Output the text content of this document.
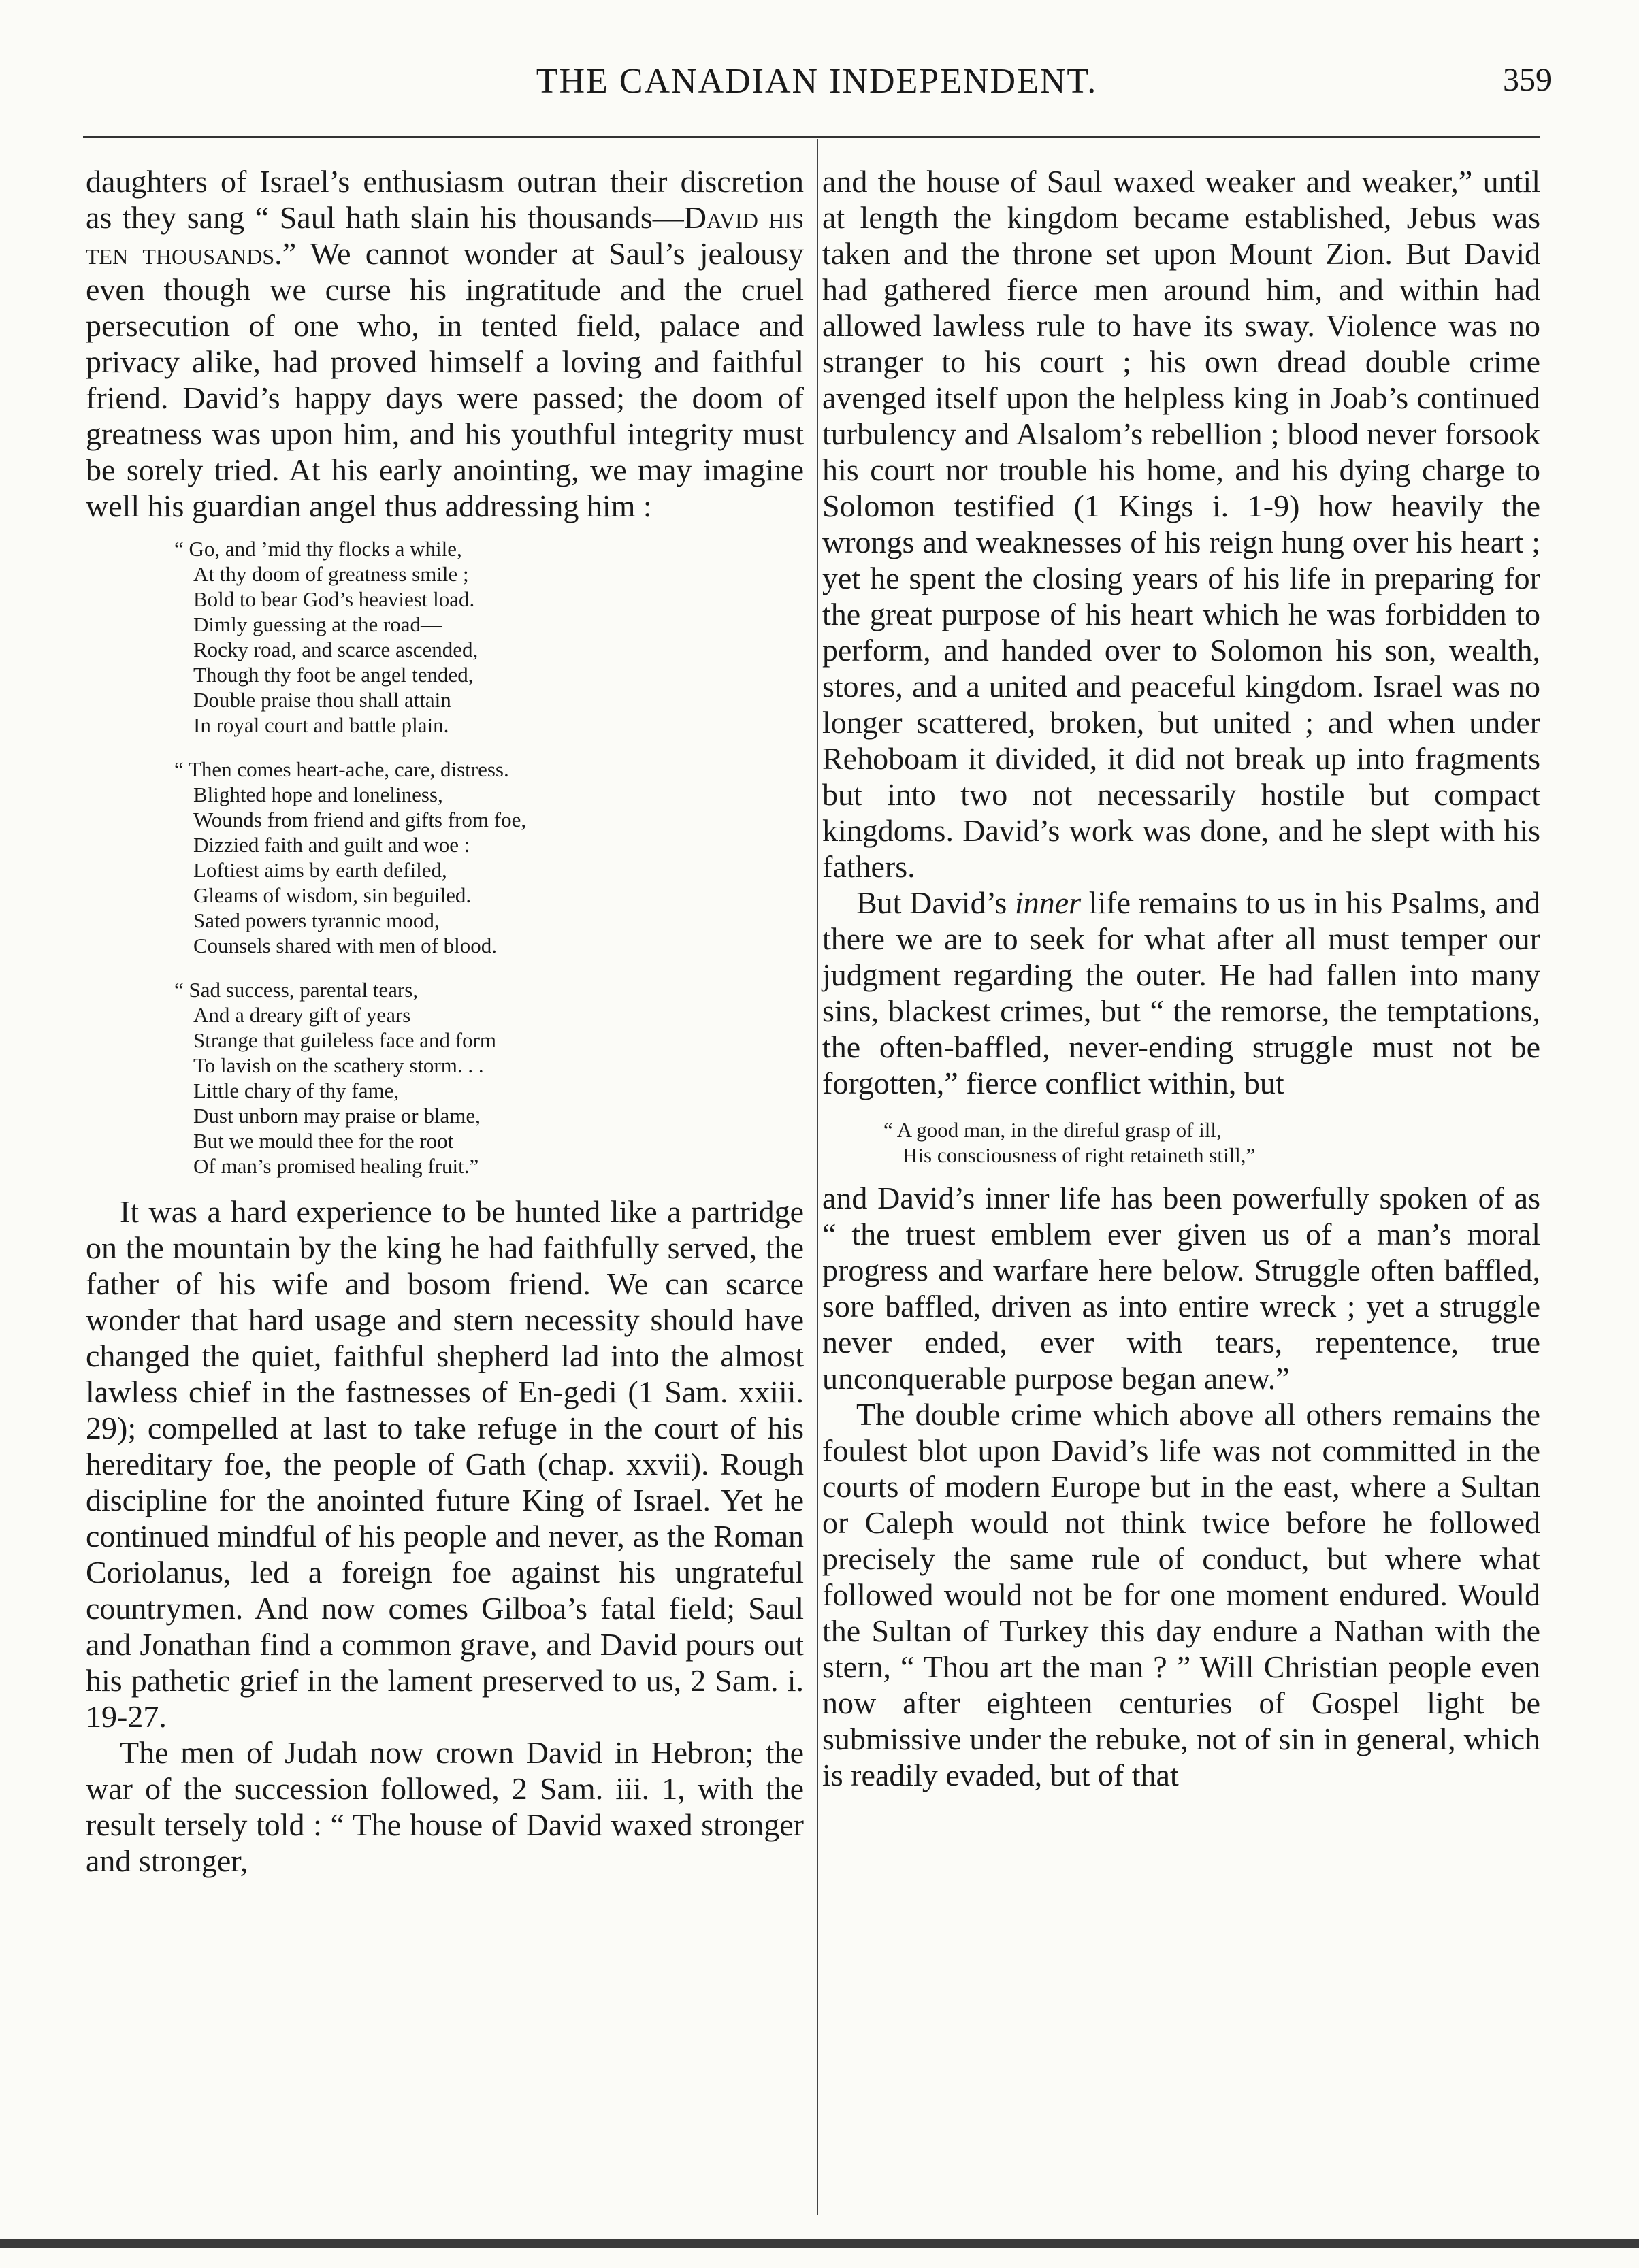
THE CANADIAN INDEPENDENT.	359

daughters of Israel’s enthusiasm outran their discretion as they sang “ Saul hath slain his thousands—David his ten thousands.” We cannot wonder at Saul’s jealousy even though we curse his ingratitude and the cruel persecution of one who, in tented field, palace and privacy alike, had proved himself a loving and faithful friend. David’s happy days were passed; the doom of greatness was upon him, and his youthful integrity must be sorely tried. At his early anointing, we may imagine well his guardian angel thus addressing him :

“ Go, and ’mid thy flocks a while,
At thy doom of greatness smile ;
Bold to bear God’s heaviest load.
Dimly guessing at the road—
Rocky road, and scarce ascended,
Though thy foot be angel tended,
Double praise thou shall attain
In royal court and battle plain.
“ Then comes heart-ache, care, distress.
Blighted hope and loneliness,
Wounds from friend and gifts from foe,
Dizzied faith and guilt and woe :
Loftiest aims by earth defiled,
Gleams of wisdom, sin beguiled.
Sated powers tyrannic mood,
Counsels shared with men of blood.
“ Sad success, parental tears,
And a dreary gift of years
Strange that guileless face and form
To lavish on the scathery storm. . .
Little chary of thy fame,
Dust unborn may praise or blame,
But we mould thee for the root
Of man’s promised healing fruit.”

It was a hard experience to be hunted like a partridge on the mountain by the king he had faithfully served, the father of his wife and bosom friend. We can scarce wonder that hard usage and stern necessity should have changed the quiet, faithful shepherd lad into the almost lawless chief in the fastnesses of En-gedi (1 Sam. xxiii. 29); compelled at last to take refuge in the court of his hereditary foe, the people of Gath (chap. xxvii). Rough discipline for the anointed future King of Israel. Yet he continued mindful of his people and never, as the Roman Coriolanus, led a foreign foe against his ungrateful countrymen. And now comes Gilboa’s fatal field; Saul and Jonathan find a common grave, and David pours out his pathetic grief in the lament preserved to us, 2 Sam. i. 19-27.

The men of Judah now crown David in Hebron; the war of the succession followed, 2 Sam. iii. 1, with the result tersely told : “ The house of David waxed stronger and stronger,

and the house of Saul waxed weaker and weaker,” until at length the kingdom became established, Jebus was taken and the throne set upon Mount Zion. But David had gathered fierce men around him, and within had allowed lawless rule to have its sway. Violence was no stranger to his court ; his own dread double crime avenged itself upon the helpless king in Joab’s continued turbulency and Alsalom’s rebellion ; blood never forsook his court nor trouble his home, and his dying charge to Solomon testified (1 Kings i. 1-9) how heavily the wrongs and weaknesses of his reign hung over his heart ; yet he spent the closing years of his life in preparing for the great purpose of his heart which he was forbidden to perform, and handed over to Solomon his son, wealth, stores, and a united and peaceful kingdom. Israel was no longer scattered, broken, but united ; and when under Rehoboam it divided, it did not break up into fragments but into two not necessarily hostile but compact kingdoms. David’s work was done, and he slept with his fathers.

But David’s inner life remains to us in his Psalms, and there we are to seek for what after all must temper our judgment regarding the outer. He had fallen into many sins, blackest crimes, but “ the remorse, the temptations, the often-baffled, never-ending struggle must not be forgotten,” fierce conflict within, but

“ A good man, in the direful grasp of ill,
His consciousness of right retaineth still,”

and David’s inner life has been powerfully spoken of as “ the truest emblem ever given us of a man’s moral progress and warfare here below. Struggle often baffled, sore baffled, driven as into entire wreck ; yet a struggle never ended, ever with tears, repentence, true unconquerable purpose began anew.”

The double crime which above all others remains the foulest blot upon David’s life was not committed in the courts of modern Europe but in the east, where a Sultan or Caleph would not think twice before he followed precisely the same rule of conduct, but where what followed would not be for one moment endured. Would the Sultan of Turkey this day endure a Nathan with the stern, “ Thou art the man ? ” Will Christian people even now after eighteen centuries of Gospel light be submissive under the rebuke, not of sin in general, which is readily evaded, but of that
